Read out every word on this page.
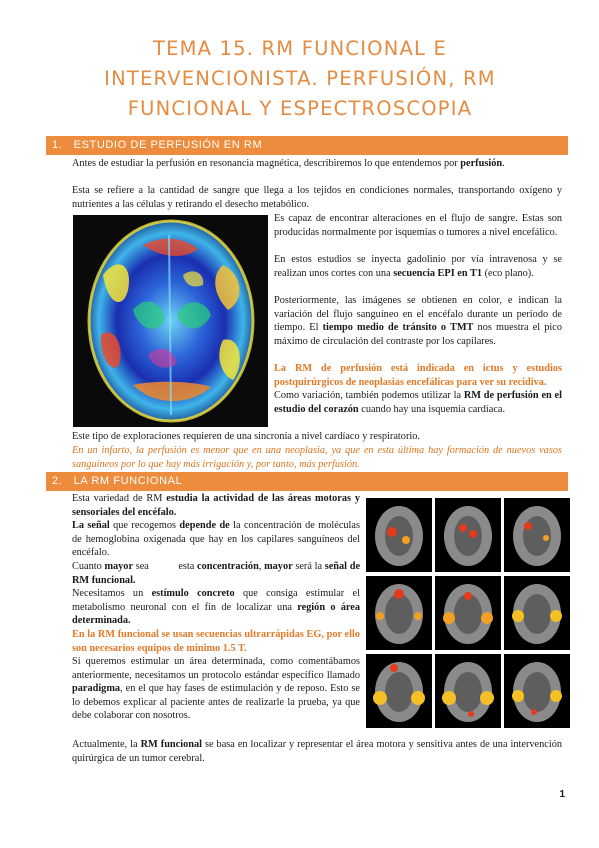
TEMA 15. RM FUNCIONAL E
INTERVENCIONISTA. PERFUSIÓN, RM
FUNCIONAL Y ESPECTROSCOPIA
1. ESTUDIO DE PERFUSIÓN EN RM

Antes de estudiar la perfusión en resonancia magnética, describiremos lo que entendemos por perfusión.

Esta se refiere a la cantidad de sangre que llega a los tejidos en condiciones normales, transportando oxígeno y nutrientes a las células y retirando el desecho metabólico.

Es capaz de encontrar alteraciones en el flujo de sangre. Estas son producidas normalmente por isquemias o tumores a nivel encefálico.

En estos estudios se inyecta gadolinio por vía intravenosa y se realizan unos cortes con una secuencia EPI en T1 (eco plano).

Posteriormente, las imágenes se obtienen en color, e indican la variación del flujo sanguíneo en el encéfalo durante un periodo de tiempo. El tiempo medio de tránsito o TMT nos muestra el pico máximo de circulación del contraste por los capilares.

La RM de perfusión está indicada en ictus y estudios postquirúrgicos de neoplasias encefálicas para ver su recidiva.

Como variación, también podemos utilizar la RM de perfusión en el estudio del corazón cuando hay una isquemia cardíaca.

Este tipo de exploraciones requieren de una sincronía a nivel cardíaco y respiratorio.

En un infarto, la perfusión es menor que en una neoplasia, ya que en esta última hay formación de nuevos vasos sanguíneos por lo que hay más irrigación y, por tanto, más perfusión.

2. LA RM FUNCIONAL

Esta variedad de RM estudia la actividad de las áreas motoras y sensoriales del encéfalo.

La señal que recogemos depende de la concentración de moléculas de hemoglobina oxigenada que hay en los capilares sanguíneos del encéfalo.

Cuanto mayor sea           esta concentración, mayor será la señal de RM funcional.

Necesitamos un estímulo concreto que consiga estimular el metabolismo neuronal con el fin de localizar una región o área determinada.

En la RM funcional se usan secuencias ultrarrápidas EG, por ello son necesarios equipos de mínimo 1.5 T.

Si queremos estimular un área determinada, como comentábamos anteriormente, necesitamos un protocolo estándar específico llamado paradigma, en el que hay fases de estimulación y de reposo. Esto se lo debemos explicar al paciente antes de realizarle la prueba, ya que debe colaborar con nosotros.

Actualmente, la RM funcional se basa en localizar y representar el área motora y sensitiva antes de una intervención quirúrgica de un tumor cerebral.

1
